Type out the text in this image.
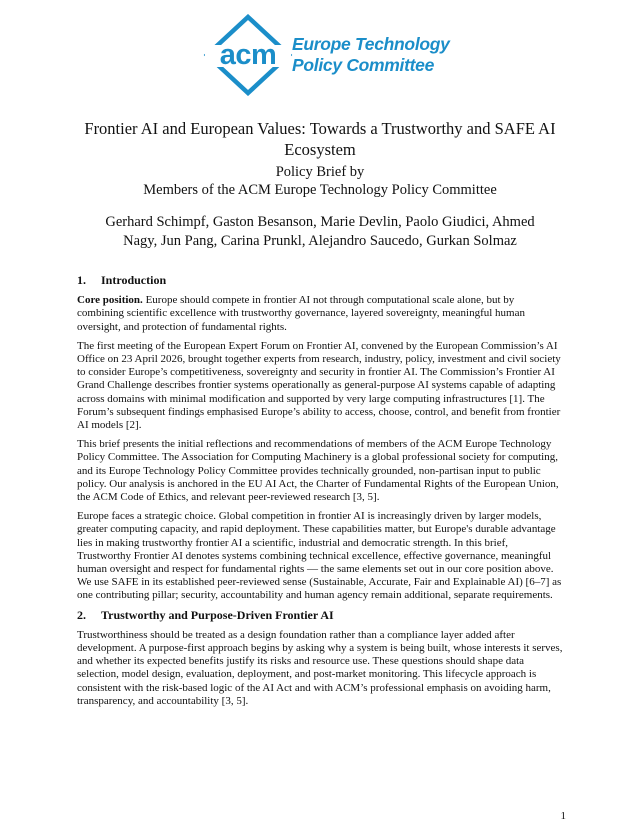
acm Europe Technology
Policy Committee
Frontier AI and European Values: Towards a Trustworthy and SAFE AI Ecosystem
Policy Brief by
Members of the ACM Europe Technology Policy Committee
Gerhard Schimpf, Gaston Besanson, Marie Devlin, Paolo Giudici, Ahmed Nagy, Jun Pang, Carina Prunkl, Alejandro Saucedo, Gurkan Solmaz
1. Introduction

Core position. Europe should compete in frontier AI not through computational scale alone, but by combining scientific excellence with trustworthy governance, layered sovereignty, meaningful human oversight, and protection of fundamental rights.

The first meeting of the European Expert Forum on Frontier AI, convened by the European Commission’s AI Office on 23 April 2026, brought together experts from research, industry, policy, investment and civil society to consider Europe’s competitiveness, sovereignty and security in frontier AI. The Commission’s Frontier AI Grand Challenge describes frontier systems operationally as general-purpose AI systems capable of adapting across domains with minimal modification and supported by very large computing infrastructures [1]. The Forum’s subsequent findings emphasised Europe’s ability to access, choose, control, and benefit from frontier AI models [2].

This brief presents the initial reflections and recommendations of members of the ACM Europe Technology Policy Committee. The Association for Computing Machinery is a global professional society for computing, and its Europe Technology Policy Committee provides technically grounded, non-partisan input to public policy. Our analysis is anchored in the EU AI Act, the Charter of Fundamental Rights of the European Union, the ACM Code of Ethics, and relevant peer-reviewed research [3, 5].

Europe faces a strategic choice. Global competition in frontier AI is increasingly driven by larger models, greater computing capacity, and rapid deployment. These capabilities matter, but Europe's durable advantage lies in making trustworthy frontier AI a scientific, industrial and democratic strength. In this brief, Trustworthy Frontier AI denotes systems combining technical excellence, effective governance, meaningful human oversight and respect for fundamental rights — the same elements set out in our core position above. We use SAFE in its established peer-reviewed sense (Sustainable, Accurate, Fair and Explainable AI) [6–7] as one contributing pillar; security, accountability and human agency remain additional, separate requirements.

2. Trustworthy and Purpose-Driven Frontier AI

Trustworthiness should be treated as a design foundation rather than a compliance layer added after development. A purpose-first approach begins by asking why a system is being built, whose interests it serves, and whether its expected benefits justify its risks and resource use. These questions should shape data selection, model design, evaluation, deployment, and post-market monitoring. This lifecycle approach is consistent with the risk-based logic of the AI Act and with ACM’s professional emphasis on avoiding harm, transparency, and accountability [3, 5].

1
